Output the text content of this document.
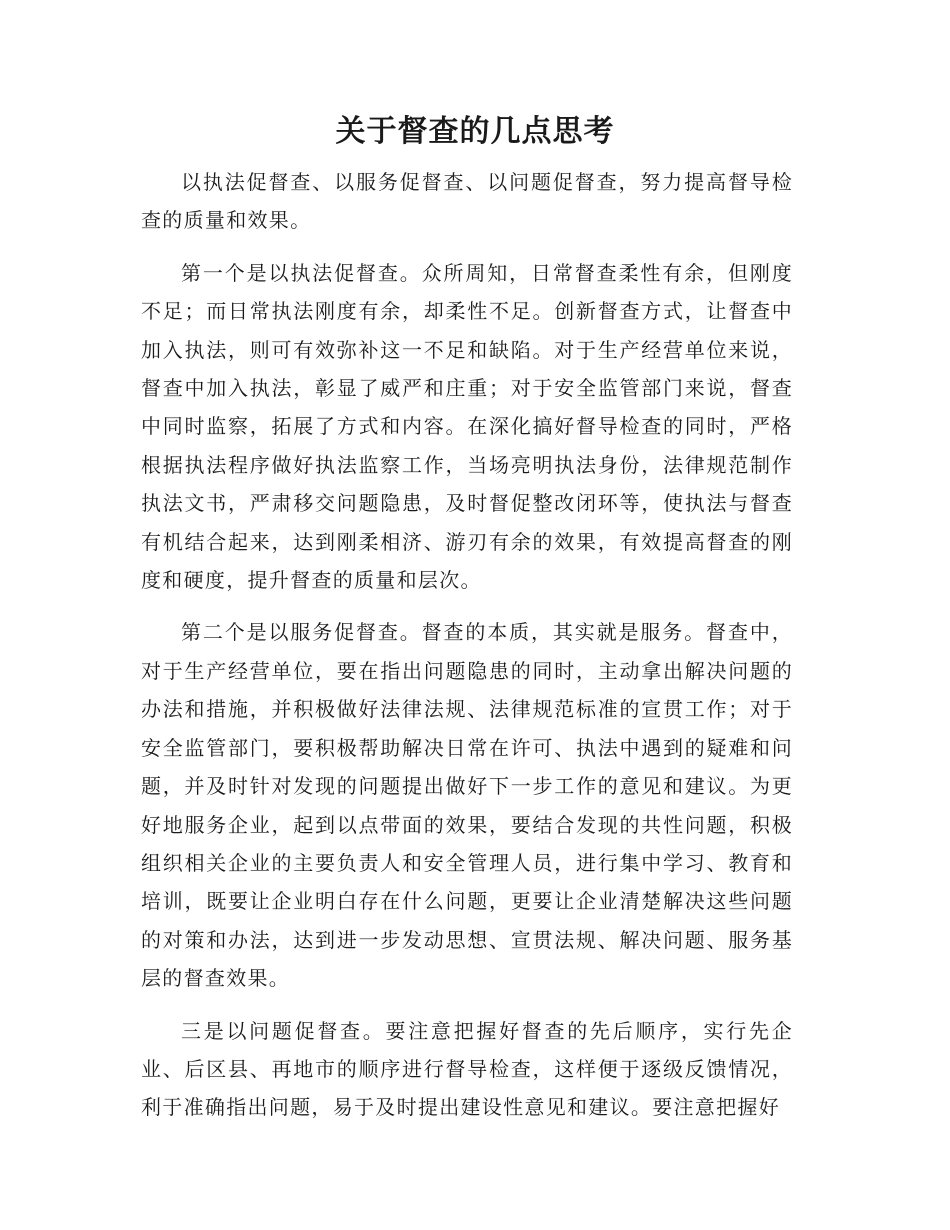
关于督查的几点思考

以执法促督查、以服务促督查、以问题促督查，努力提高督导检查的质量和效果。

第一个是以执法促督查。众所周知，日常督查柔性有余，但刚度不足；而日常执法刚度有余，却柔性不足。创新督查方式，让督查中加入执法，则可有效弥补这一不足和缺陷。对于生产经营单位来说，督查中加入执法，彰显了威严和庄重；对于安全监管部门来说，督查中同时监察，拓展了方式和内容。在深化搞好督导检查的同时，严格根据执法程序做好执法监察工作，当场亮明执法身份，法律规范制作执法文书，严肃移交问题隐患，及时督促整改闭环等，使执法与督查有机结合起来，达到刚柔相济、游刃有余的效果，有效提高督查的刚度和硬度，提升督查的质量和层次。

第二个是以服务促督查。督查的本质，其实就是服务。督查中，对于生产经营单位，要在指出问题隐患的同时，主动拿出解决问题的办法和措施，并积极做好法律法规、法律规范标准的宣贯工作；对于安全监管部门，要积极帮助解决日常在许可、执法中遇到的疑难和问题，并及时针对发现的问题提出做好下一步工作的意见和建议。为更好地服务企业，起到以点带面的效果，要结合发现的共性问题，积极组织相关企业的主要负责人和安全管理人员，进行集中学习、教育和培训，既要让企业明白存在什么问题，更要让企业清楚解决这些问题的对策和办法，达到进一步发动思想、宣贯法规、解决问题、服务基层的督查效果。

三是以问题促督查。要注意把握好督查的先后顺序，实行先企业、后区县、再地市的顺序进行督导检查，这样便于逐级反馈情况，利于准确指出问题，易于及时提出建设性意见和建议。要注意把握好
